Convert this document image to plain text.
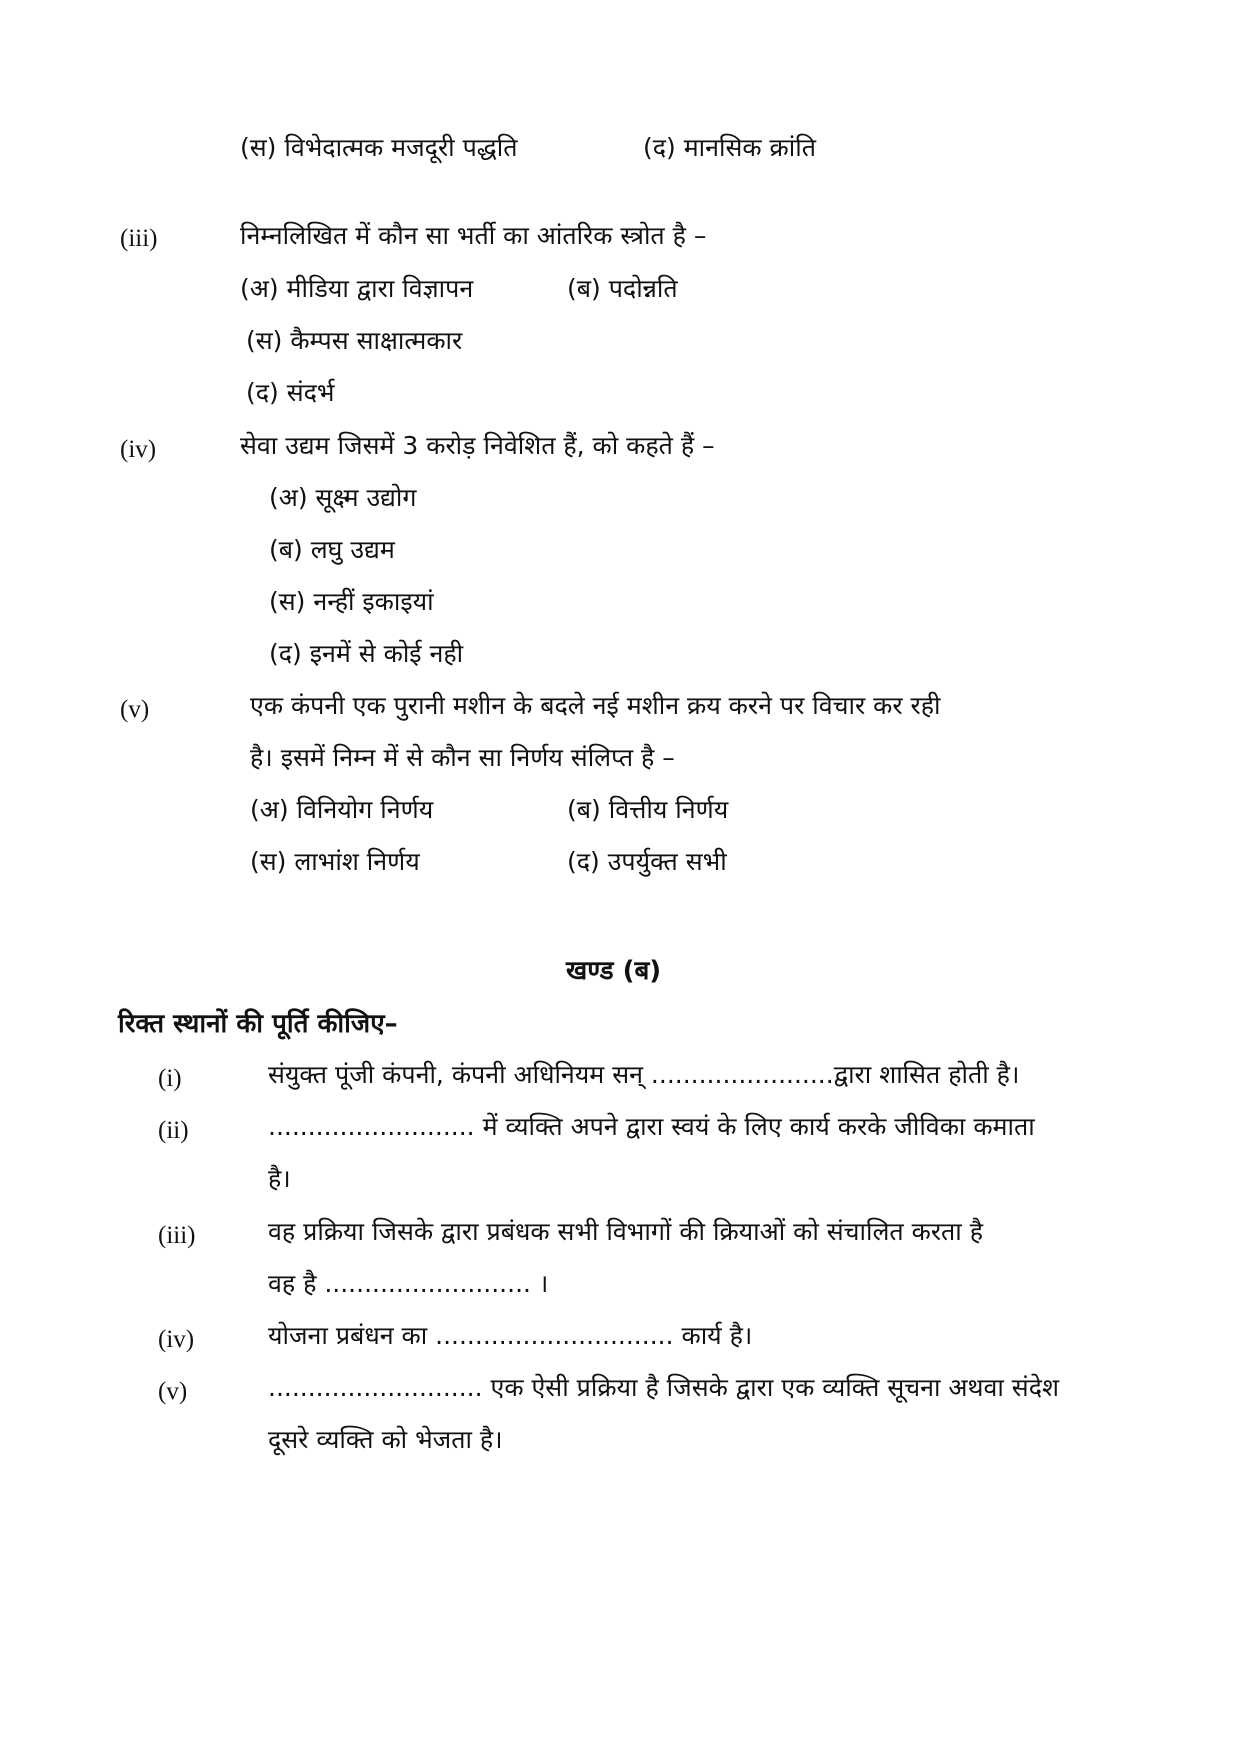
(स) विभेदात्मक मजदूरी पद्धति	(द) मानसिक क्रांति
(iii)	निम्नलिखित में कौन सा भर्ती का आंतरिक स्त्रोत है –
(अ) मीडिया द्वारा विज्ञापन	(ब) पदोन्नति
(स) कैम्पस साक्षात्मकार
(द) संदर्भ
(iv)	सेवा उद्यम जिसमें 3 करोड़ निवेशित हैं, को कहते हैं –
(अ) सूक्ष्म उद्योग
(ब) लघु उद्यम
(स) नन्हीं इकाइयां
(द) इनमें से कोई नही
(v)	एक कंपनी एक पुरानी मशीन के बदले नई मशीन क्रय करने पर विचार कर रही
है। इसमें निम्न में से कौन सा निर्णय संलिप्त है –
(अ) विनियोग निर्णय	(ब) वित्तीय निर्णय
(स) लाभांश निर्णय	(द) उपर्युक्त सभी
खण्ड (ब)
रिक्त स्थानों की पूर्ति कीजिए–
(i)	संयुक्त पूंजी कंपनी, कंपनी अधिनियम सन् .......................द्वारा शासित होती है।
(ii)	.......................... में व्यक्ति अपने द्वारा स्वयं के लिए कार्य करके जीविका कमाता
है।
(iii)	वह प्रक्रिया जिसके द्वारा प्रबंधक सभी विभागों की क्रियाओं को संचालित करता है
वह है .......................... ।
(iv)	योजना प्रबंधन का .............................. कार्य है।
(v)	........................... एक ऐसी प्रक्रिया है जिसके द्वारा एक व्यक्ति सूचना अथवा संदेश
दूसरे व्यक्ति को भेजता है।
